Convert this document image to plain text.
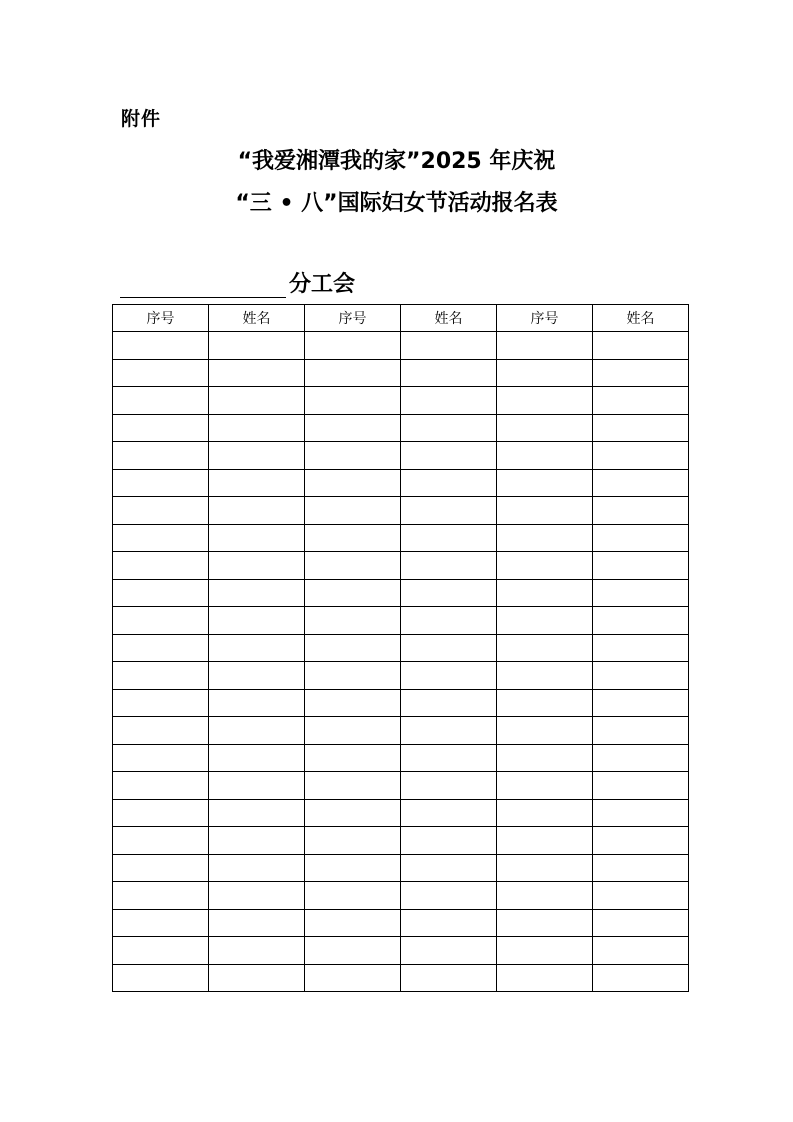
附件
“我爱湘潭我的家”2025 年庆祝
“三 • 八”国际妇女节活动报名表
分工会
序号	姓名	序号	姓名	序号	姓名
